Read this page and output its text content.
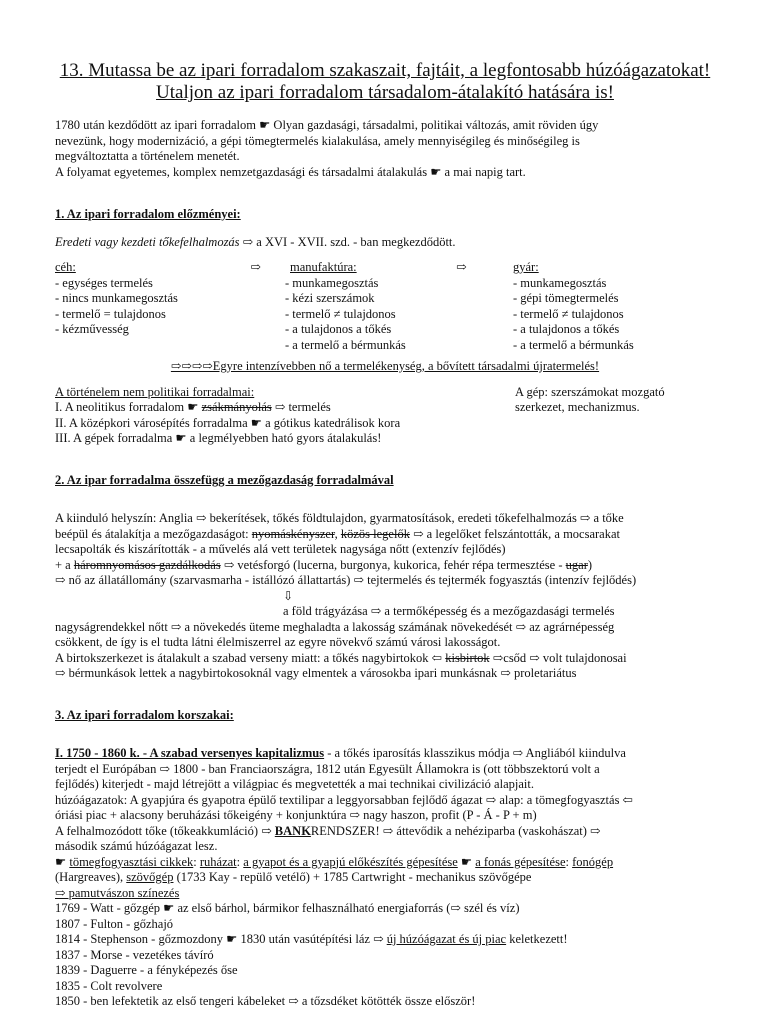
13. Mutassa be az ipari forradalom szakaszait, fajtáit, a legfontosabb húzóágazatokat! Utaljon az ipari forradalom társadalom-átalakító hatására is!

1780 után kezdődött az ipari forradalom ☛ Olyan gazdasági, társadalmi, politikai változás, amit röviden úgy

nevezünk, hogy modernizáció, a gépi tömegtermelés kialakulása, amely mennyiségileg és minőségileg is

megváltoztatta a történelem menetét.

A folyamat egyetemes, komplex nemzetgazdasági és társadalmi átalakulás ☛ a mai napig tart.

1. Az ipari forradalom előzményei:

Eredeti vagy kezdeti tőkefelhalmozás ⇨ a XVI - XVII. szd. - ban megkezdődött.

céh:	⇨
- egységes termelés
- nincs munkamegosztás
- termelő = tulajdonos
- kézművesség
manufaktúra:	⇨
- munkamegosztás
- kézi szerszámok
- termelő ≠ tulajdonos
- a tulajdonos a tőkés
- a termelő a bérmunkás
gyár:
- munkamegosztás
- gépi tömegtermelés
- termelő ≠ tulajdonos
- a tulajdonos a tőkés
- a termelő a bérmunkás

⇨⇨⇨⇨Egyre intenzívebben nő a termelékenység, a bővített társadalmi újratermelés!

A történelem nem politikai forradalmai:

I. A neolitikus forradalom ☛ zsákmányolás ⇨ termelés

II. A középkori városépítés forradalma ☛ a gótikus katedrálisok kora

III. A gépek forradalma ☛ a legmélyebben ható gyors átalakulás!

A gép: szerszámokat mozgató

szerkezet, mechanizmus.

2. Az ipar forradalma összefügg a mezőgazdaság forradalmával

A kiinduló helyszín: Anglia ⇨ bekerítések, tőkés földtulajdon, gyarmatosítások, eredeti tőkefelhalmozás ⇨ a tőke

beépül és átalakítja a mezőgazdaságot: nyomáskényszer, közös legelők ⇨ a legelőket felszántották, a mocsarakat

lecsapolták és kiszárították - a művelés alá vett területek nagysága nőtt (extenzív fejlődés)

+ a háromnyomásos gazdálkodás ⇨ vetésforgó (lucerna, burgonya, kukorica, fehér répa termesztése - ugar)

⇨ nő az állatállomány (szarvasmarha - istállózó állattartás) ⇨ tejtermelés és tejtermék fogyasztás (intenzív fejlődés)

⇩

a föld trágyázása ⇨ a termőképesség és a mezőgazdasági termelés

nagyságrendekkel nőtt ⇨ a növekedés üteme meghaladta a lakosság számának növekedését ⇨ az agrárnépesség

csökkent, de így is el tudta látni élelmiszerrel az egyre növekvő számú városi lakosságot.

A birtokszerkezet is átalakult a szabad verseny miatt: a tőkés nagybirtokok ⇦ kisbirtok ⇨csőd ⇨ volt tulajdonosai

⇨ bérmunkások lettek a nagybirtokosoknál vagy elmentek a városokba ipari munkásnak ⇨ proletariátus

3. Az ipari forradalom korszakai:

I. 1750 - 1860 k. - A szabad versenyes kapitalizmus - a tőkés iparosítás klasszikus módja ⇨ Angliából kiindulva

terjedt el Európában ⇨ 1800 - ban Franciaországra, 1812 után Egyesült Államokra is (ott többszektorú volt a

fejlődés) kiterjedt - majd létrejött a világpiac és megvetették a mai technikai civilizáció alapjait.

húzóágazatok: A gyapjúra és gyapotra épülő textilipar a leggyorsabban fejlődő ágazat ⇨ alap: a tömegfogyasztás ⇦

óriási piac + alacsony beruházási tőkeigény + konjunktúra ⇨ nagy haszon, profit (P - Á - P + m)

A felhalmozódott tőke (tőkeakkumláció) ⇨ BANKRENDSZER! ⇨ áttevődik a nehéziparba (vaskohászat) ⇨

második számú húzóágazat lesz.

☛ tömegfogyasztási cikkek: ruházat: a gyapot és a gyapjú előkészítés gépesítése ☛ a fonás gépesítése: fonógép

(Hargreaves), szövőgép (1733 Kay - repülő vetélő) + 1785 Cartwright - mechanikus szövőgépe

⇨ pamutvászon színezés

1769 - Watt - gőzgép ☛ az első bárhol, bármikor felhasználható energiaforrás (⇨ szél és víz)

1807 - Fulton - gőzhajó

1814 - Stephenson - gőzmozdony ☛ 1830 után vasútépítési láz ⇨ új húzóágazat és új piac keletkezett!

1837 - Morse - vezetékes távíró

1839 - Daguerre - a fényképezés őse

1835 - Colt revolvere

1850 - ben lefektetik az első tengeri kábeleket ⇨ a tőzsdéket kötötték össze először!
